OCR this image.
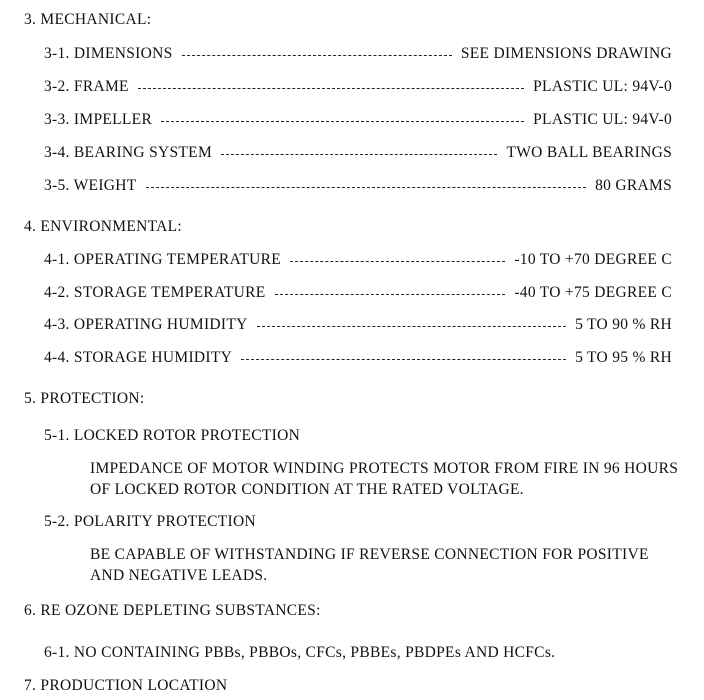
3. MECHANICAL:
3-1. DIMENSIONS	SEE DIMENSIONS DRAWING
3-2. FRAME	PLASTIC UL: 94V-0
3-3. IMPELLER	PLASTIC UL: 94V-0
3-4. BEARING SYSTEM	TWO BALL BEARINGS
3-5. WEIGHT	80 GRAMS
4. ENVIRONMENTAL:
4-1. OPERATING TEMPERATURE	-10 TO +70 DEGREE C
4-2. STORAGE TEMPERATURE	-40 TO +75 DEGREE C
4-3. OPERATING HUMIDITY	5 TO 90 % RH
4-4. STORAGE HUMIDITY	5 TO 95 % RH
5. PROTECTION:
5-1. LOCKED ROTOR PROTECTION
IMPEDANCE OF MOTOR WINDING PROTECTS MOTOR FROM FIRE IN 96 HOURS OF LOCKED ROTOR CONDITION AT THE RATED VOLTAGE.
5-2. POLARITY PROTECTION
BE CAPABLE OF WITHSTANDING IF REVERSE CONNECTION FOR POSITIVE AND NEGATIVE LEADS.
6. RE OZONE DEPLETING SUBSTANCES:
6-1. NO CONTAINING PBBs, PBBOs, CFCs, PBBEs, PBDPEs AND HCFCs.
7. PRODUCTION LOCATION
